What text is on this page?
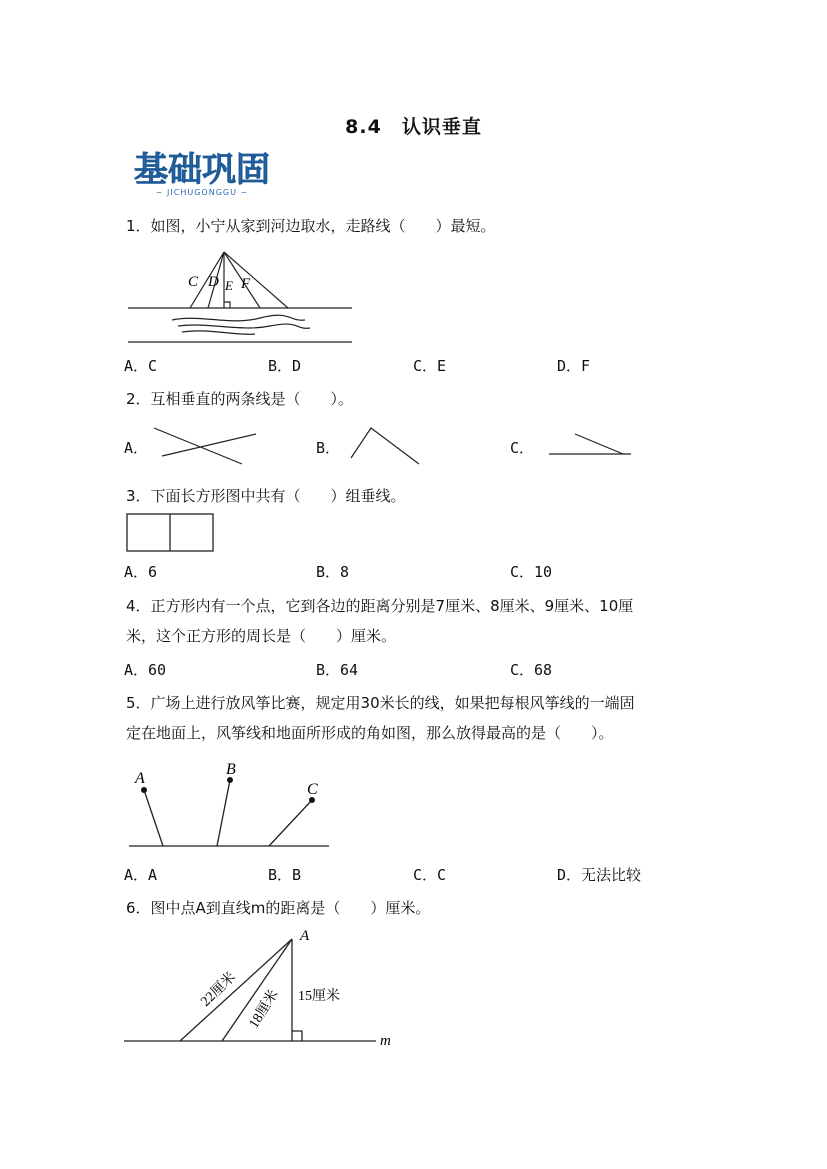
8.4　认识垂直
基础巩固
~ JICHUGONGGU ~
1．如图，小宁从家到河边取水，走路线（　　）最短。
C D E F
A．C	B．D	C．E	D．F
2．互相垂直的两条线是（　　）。
A．	B．	C．
3．下面长方形图中共有（　　）组垂线。
A．6	B．8	C．10
4．正方形内有一个点，它到各边的距离分别是7厘米、8厘米、9厘米、10厘
米，这个正方形的周长是（　　）厘米。
A．60	B．64	C．68
5．广场上进行放风筝比赛，规定用30米长的线，如果把每根风筝线的一端固
定在地面上，风筝线和地面所形成的角如图，那么放得最高的是（　　）。
A
B
C
A．A	B．B	C．C	D．无法比较
6．图中点A到直线m的距离是（　　）厘米。
A
m
22厘米 18厘米 15厘米
